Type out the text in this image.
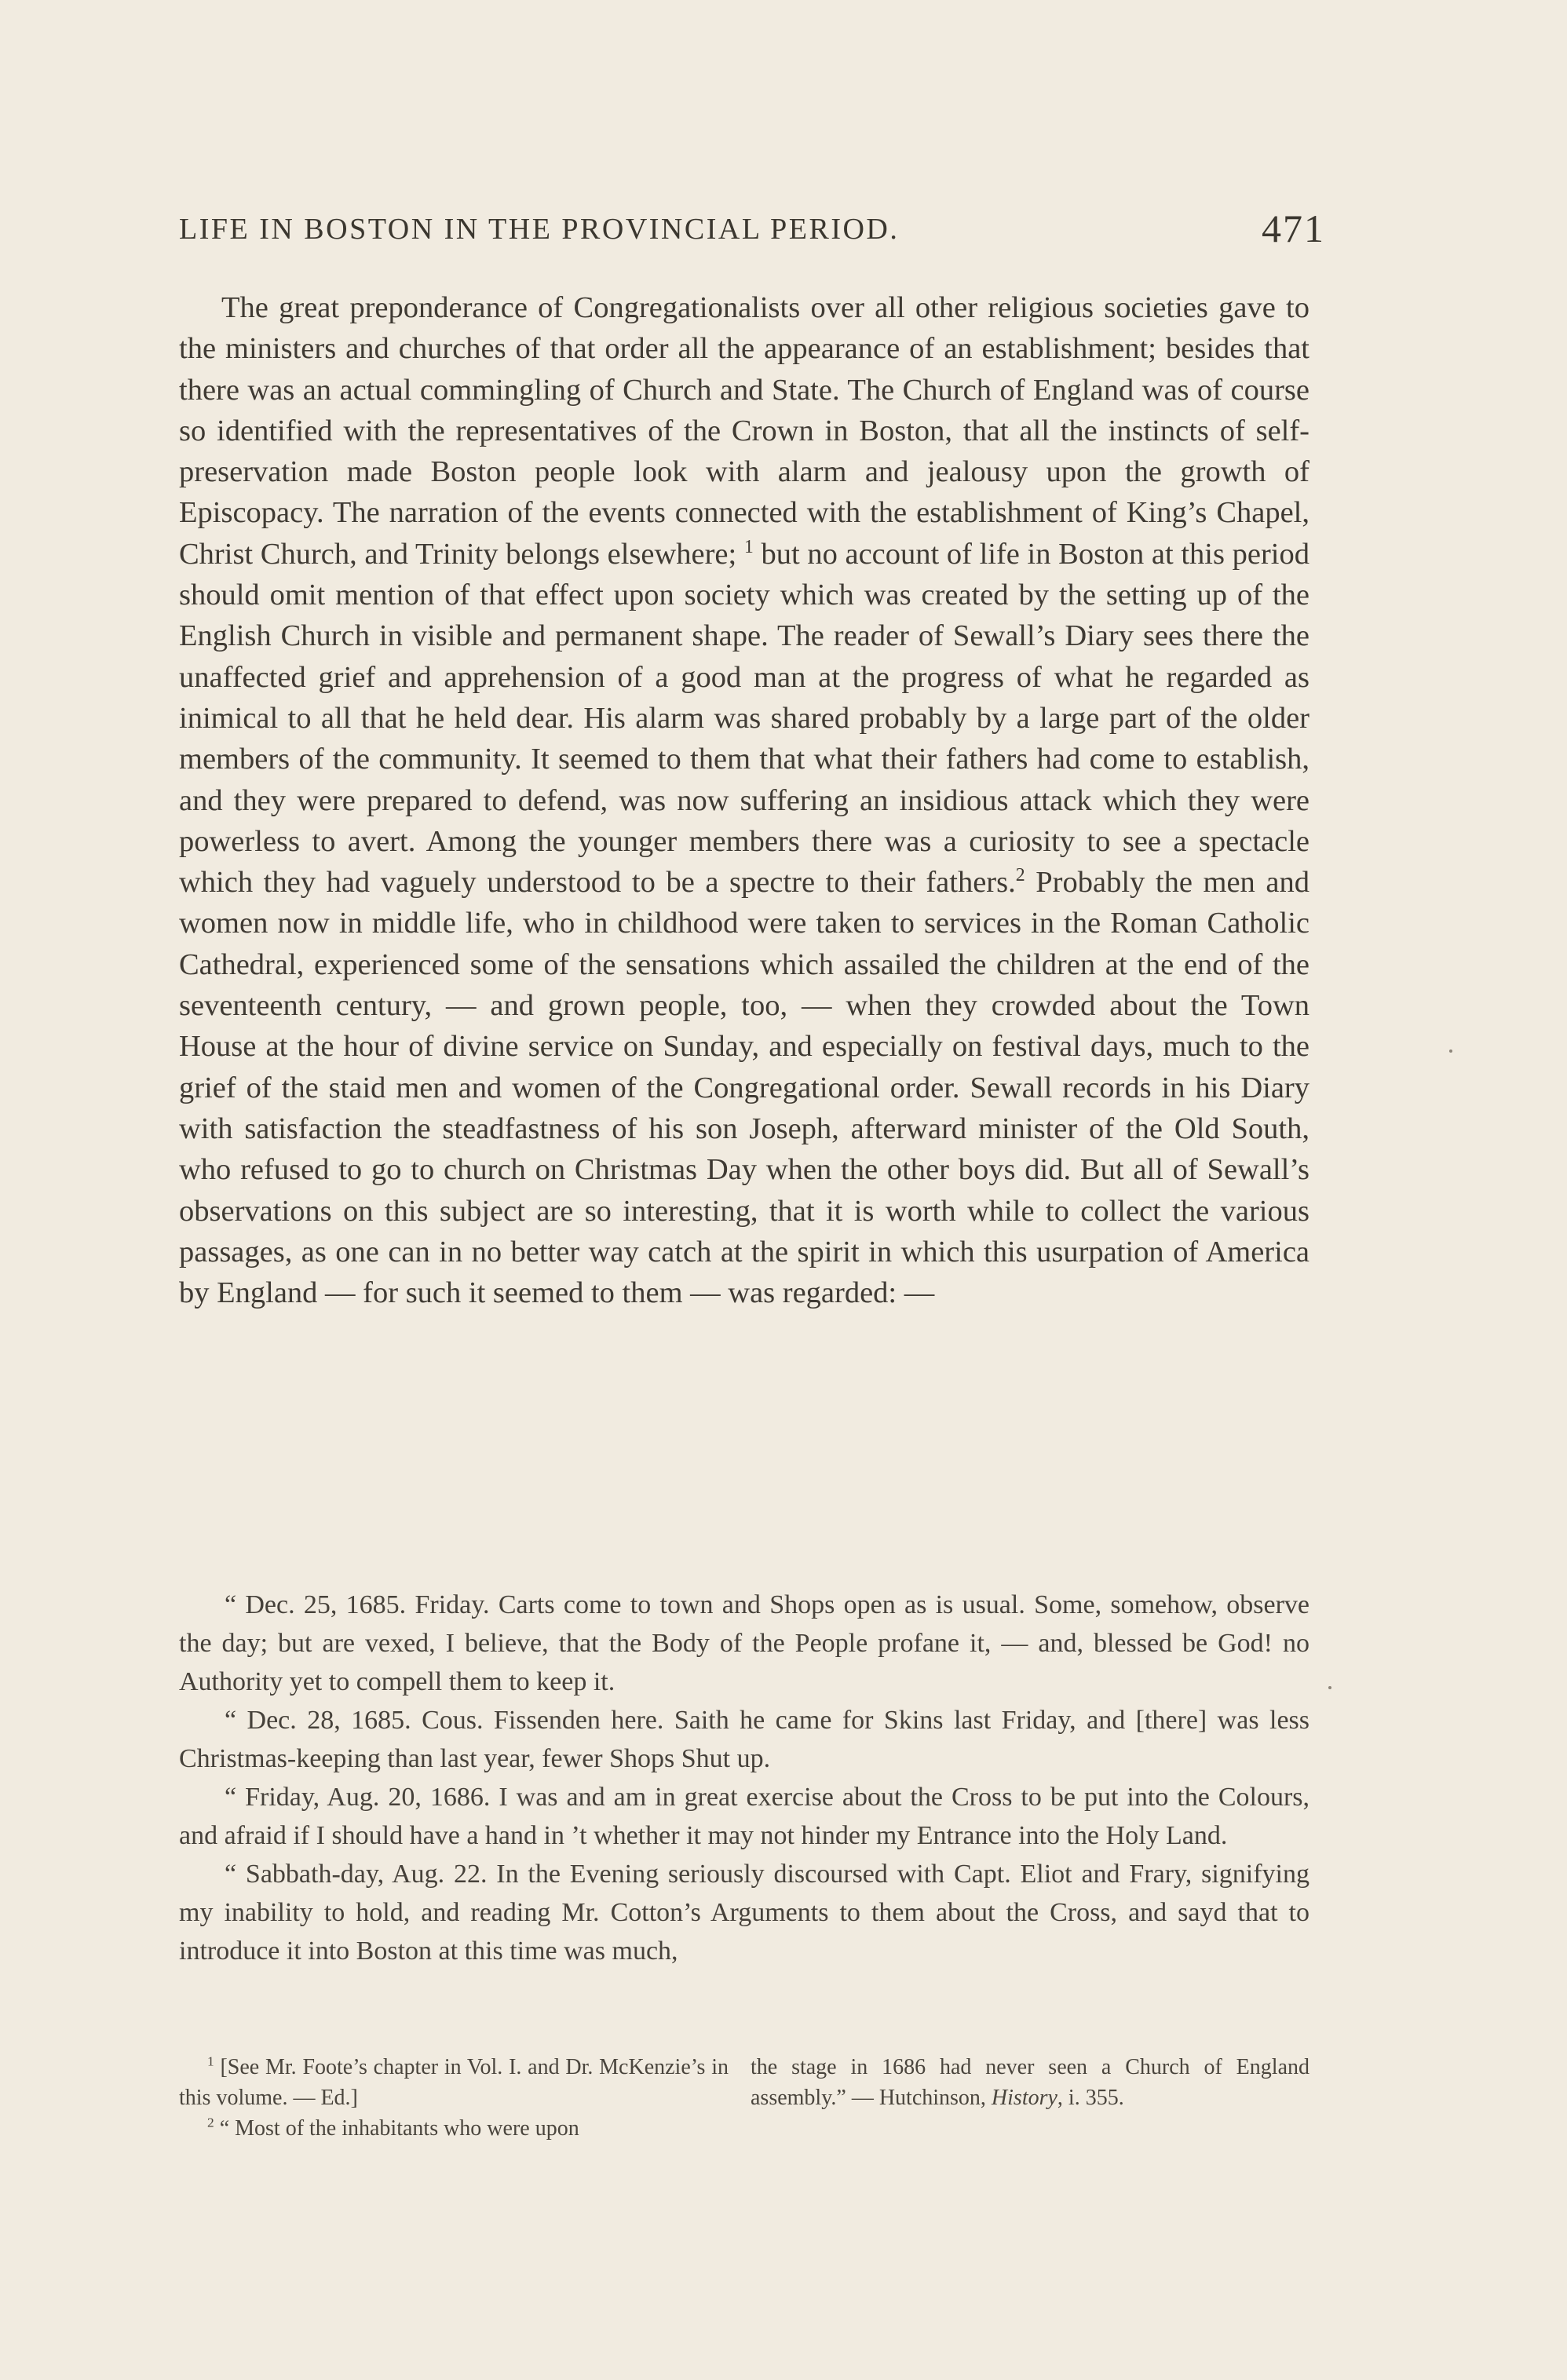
LIFE IN BOSTON IN THE PROVINCIAL PERIOD.	471

The great preponderance of Congregationalists over all other religious societies gave to the ministers and churches of that order all the appearance of an establishment; besides that there was an actual commingling of Church and State. The Church of England was of course so identified with the representatives of the Crown in Boston, that all the instincts of self-preservation made Boston people look with alarm and jealousy upon the growth of Episcopacy. The narration of the events connected with the establishment of King’s Chapel, Christ Church, and Trinity belongs elsewhere; $^1$ but no account of life in Boston at this period should omit mention of that effect upon society which was created by the setting up of the English Church in visible and permanent shape. The reader of Sewall’s Diary sees there the unaffected grief and apprehension of a good man at the progress of what he regarded as inimical to all that he held dear. His alarm was shared probably by a large part of the older members of the community. It seemed to them that what their fathers had come to establish, and they were prepared to defend, was now suffering an insidious attack which they were powerless to avert. Among the younger members there was a curiosity to see a spectacle which they had vaguely understood to be a spectre to their fathers.$^2$ Probably the men and women now in middle life, who in childhood were taken to services in the Roman Catholic Cathedral, experienced some of the sensations which assailed the children at the end of the seventeenth century, — and grown people, too, — when they crowded about the Town House at the hour of divine service on Sunday, and especially on festival days, much to the grief of the staid men and women of the Congregational order. Sewall records in his Diary with satisfaction the steadfastness of his son Joseph, afterward minister of the Old South, who refused to go to church on Christmas Day when the other boys did. But all of Sewall’s observations on this subject are so interesting, that it is worth while to collect the various passages, as one can in no better way catch at the spirit in which this usurpation of America by England — for such it seemed to them — was regarded: —

“ Dec. 25, 1685. Friday. Carts come to town and Shops open as is usual. Some, somehow, observe the day; but are vexed, I believe, that the Body of the People profane it, — and, blessed be God! no Authority yet to compell them to keep it.

“ Dec. 28, 1685. Cous. Fissenden here. Saith he came for Skins last Friday, and [there] was less Christmas-keeping than last year, fewer Shops Shut up.

“ Friday, Aug. 20, 1686. I was and am in great exercise about the Cross to be put into the Colours, and afraid if I should have a hand in ’t whether it may not hinder my Entrance into the Holy Land.

“ Sabbath-day, Aug. 22. In the Evening seriously discoursed with Capt. Eliot and Frary, signifying my inability to hold, and reading Mr. Cotton’s Arguments to them about the Cross, and sayd that to introduce it into Boston at this time was much,

$^1$ [See Mr. Foote’s chapter in Vol. I. and Dr. McKenzie’s in this volume. — Ed.]

$^2$ “ Most of the inhabitants who were upon

the stage in 1686 had never seen a Church of England assembly.” — Hutchinson, History, i. 355.
